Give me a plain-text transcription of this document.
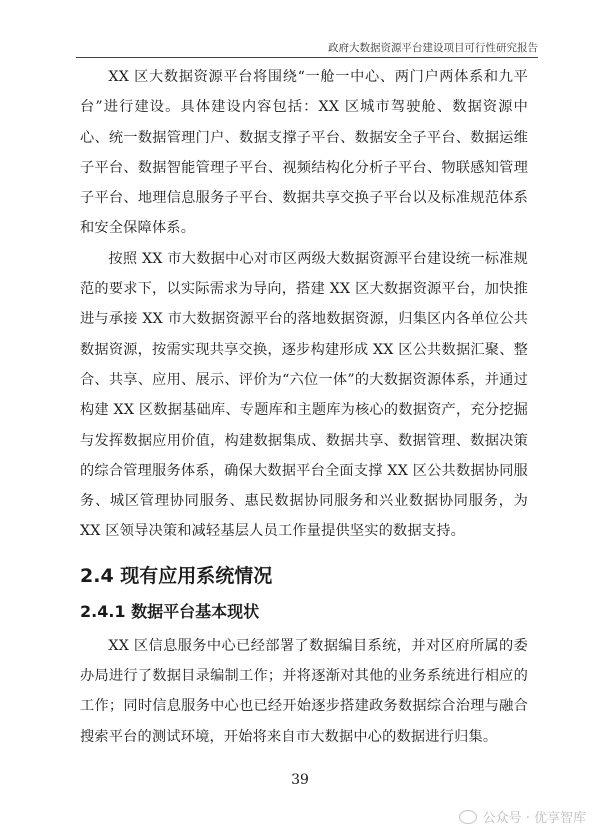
政府大数据资源平台建设项目可行性研究报告

XX 区大数据资源平台将围绕“一舱一中心、两门户两体系和九平台”进行建设。具体建设内容包括：XX 区城市驾驶舱、数据资源中心、统一数据管理门户、数据支撑子平台、数据安全子平台、数据运维子平台、数据智能管理子平台、视频结构化分析子平台、物联感知管理子平台、地理信息服务子平台、数据共享交换子平台以及标准规范体系和安全保障体系。

按照 XX 市大数据中心对市区两级大数据资源平台建设统一标准规范的要求下，以实际需求为导向，搭建 XX 区大数据资源平台，加快推进与承接 XX 市大数据资源平台的落地数据资源，归集区内各单位公共数据资源，按需实现共享交换，逐步构建形成 XX 区公共数据汇聚、整合、共享、应用、展示、评价为“六位一体”的大数据资源体系，并通过构建 XX 区数据基础库、专题库和主题库为核心的数据资产，充分挖掘与发挥数据应用价值，构建数据集成、数据共享、数据管理、数据决策的综合管理服务体系，确保大数据平台全面支撑 XX 区公共数据协同服务、城区管理协同服务、惠民数据协同服务和兴业数据协同服务，为 XX 区领导决策和减轻基层人员工作量提供坚实的数据支持。

2.4 现有应用系统情况
2.4.1 数据平台基本现状

XX 区信息服务中心已经部署了数据编目系统，并对区府所属的委办局进行了数据目录编制工作；并将逐渐对其他的业务系统进行相应的工作；同时信息服务中心也已经开始逐步搭建政务数据综合治理与融合搜索平台的测试环境，开始将来自市大数据中心的数据进行归集。

39
公众号 · 优享智库
